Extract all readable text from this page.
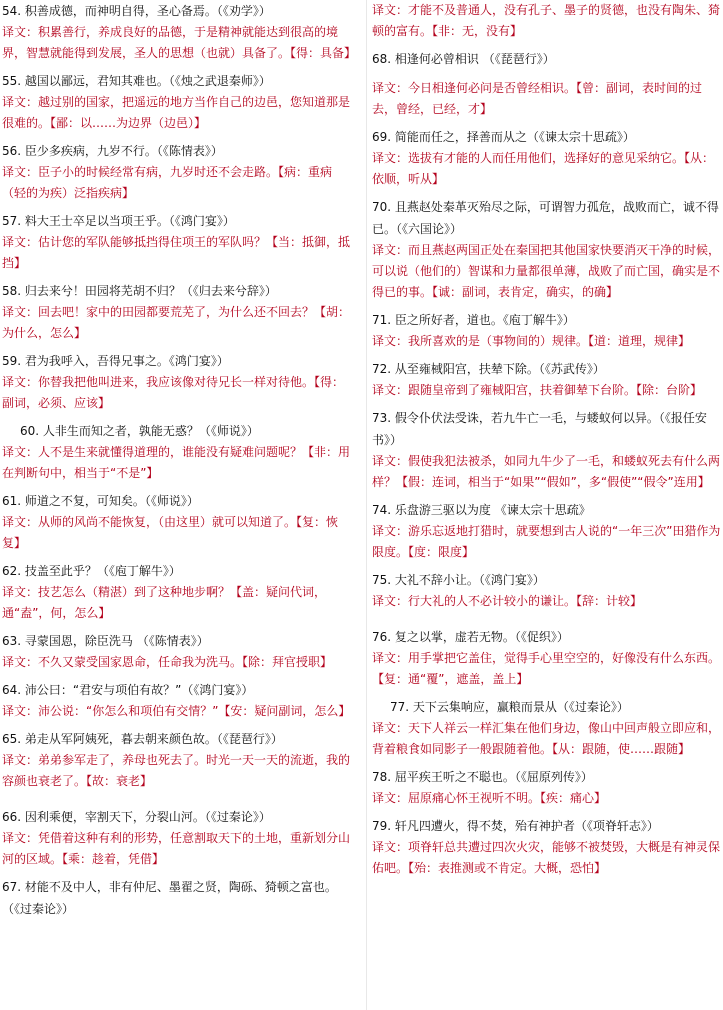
54. 积善成德，而神明自得，圣心备焉。（《劝学》）

译文：积累善行，养成良好的品德，于是精神就能达到很高的境界，智慧就能得到发展，圣人的思想（也就）具备了。【得：具备】

55. 越国以鄙远，君知其难也。（《烛之武退秦师》）

译文：越过别的国家，把遥远的地方当作自己的边邑，您知道那是很难的。【鄙：以……为边界（边邑）】

56. 臣少多疾病，九岁不行。（《陈情表》）

译文：臣子小的时候经常有病，九岁时还不会走路。【病：重病（轻的为疾）泛指疾病】

57. 料大王士卒足以当项王乎。（《鸿门宴》）

译文：估计您的军队能够抵挡得住项王的军队吗？【当：抵御，抵挡】

58. 归去来兮！田园将芜胡不归？（《归去来兮辞》）

译文：回去吧！家中的田园都要荒芜了，为什么还不回去？【胡：为什么，怎么】

59. 君为我呼入，吾得兄事之。《鸿门宴》）

译文：你替我把他叫进来，我应该像对待兄长一样对待他。【得：副词，必须、应该】

60. 人非生而知之者，孰能无惑？（《师说》）

译文：人不是生来就懂得道理的，谁能没有疑难问题呢？【非：用在判断句中，相当于“不是”】

61. 师道之不复，可知矣。（《师说》）

译文：从师的风尚不能恢复，（由这里）就可以知道了。【复：恢复】

62. 技盖至此乎？（《庖丁解牛》）

译文：技艺怎么（精湛）到了这种地步啊？【盖：疑问代词，通“盍”，何，怎么】

63. 寻蒙国恩，除臣洗马 （《陈情表》）

译文：不久又蒙受国家恩命，任命我为洗马。【除：拜官授职】

64. 沛公曰：“君安与项伯有故？”（《鸿门宴》）

译文：沛公说：“你怎么和项伯有交情？”【安：疑问副词，怎么】

65. 弟走从军阿姨死，暮去朝来颜色故。（《琵琶行》）

译文：弟弟参军走了，养母也死去了。时光一天一天的流逝，我的容颜也衰老了。【故：衰老】

66. 因利乘便，宰割天下，分裂山河。（《过秦论》）

译文：凭借着这种有利的形势，任意割取天下的土地，重新划分山河的区域。【乘：趁着，凭借】

67. 材能不及中人，非有仲尼、墨翟之贤，陶砾、猗顿之富也。（《过秦论》）

译文：才能不及普通人，没有孔子、墨子的贤德，也没有陶朱、猗顿的富有。【非：无，没有】

68. 相逢何必曾相识 （《琵琶行》）

译文：今日相逢何必问是否曾经相识。【曾：副词，表时间的过去，曾经，已经，才】

69. 简能而任之，择善而从之（《谏太宗十思疏》）

译文：选拔有才能的人而任用他们，选择好的意见采纳它。【从：依顺，听从】

70. 且燕赵处秦革灭殆尽之际，可谓智力孤危，战败而亡，诚不得已。（《六国论》）

译文：而且燕赵两国正处在秦国把其他国家快要消灭干净的时候，可以说（他们的）智谋和力量都很单薄，战败了而亡国，确实是不得已的事。【诚：副词，表肯定，确实，的确】

71. 臣之所好者，道也。《庖丁解牛》）

译文：我所喜欢的是（事物间的）规律。【道：道理，规律】

72. 从至雍棫阳宫，扶辇下除。（《苏武传》）

译文：跟随皇帝到了雍棫阳宫，扶着御辇下台阶。【除：台阶】

73. 假令仆伏法受诛，若九牛亡一毛，与蝼蚁何以异。（《报任安书》）

译文：假使我犯法被杀，如同九牛少了一毛，和蝼蚁死去有什么两样？【假：连词，相当于“如果”“假如”，多“假使”“假令”连用】

74. 乐盘游三驱以为度 《谏太宗十思疏》

译文：游乐忘返地打猎时，就要想到古人说的“一年三次”田猎作为限度。【度：限度】

75. 大礼不辞小让。（《鸿门宴》）

译文：行大礼的人不必计较小的谦让。【辞：计较】

76. 复之以掌，虚若无物。（《促织》）

译文：用手掌把它盖住，觉得手心里空空的，好像没有什么东西。【复：通“覆”，遮盖，盖上】

77. 天下云集响应，赢粮而景从（《过秦论》）

译文：天下人祥云一样汇集在他们身边，像山中回声般立即应和，背着粮食如同影子一般跟随着他。【从：跟随，使……跟随】

78. 屈平疾王听之不聪也。（《屈原列传》）

译文：屈原痛心怀王视听不明。【疾：痛心】

79. 轩凡四遭火，得不焚，殆有神护者（《项脊轩志》）

译文：项脊轩总共遭过四次火灾，能够不被焚毁，大概是有神灵保佑吧。【殆：表推测或不肯定。大概，恐怕】
